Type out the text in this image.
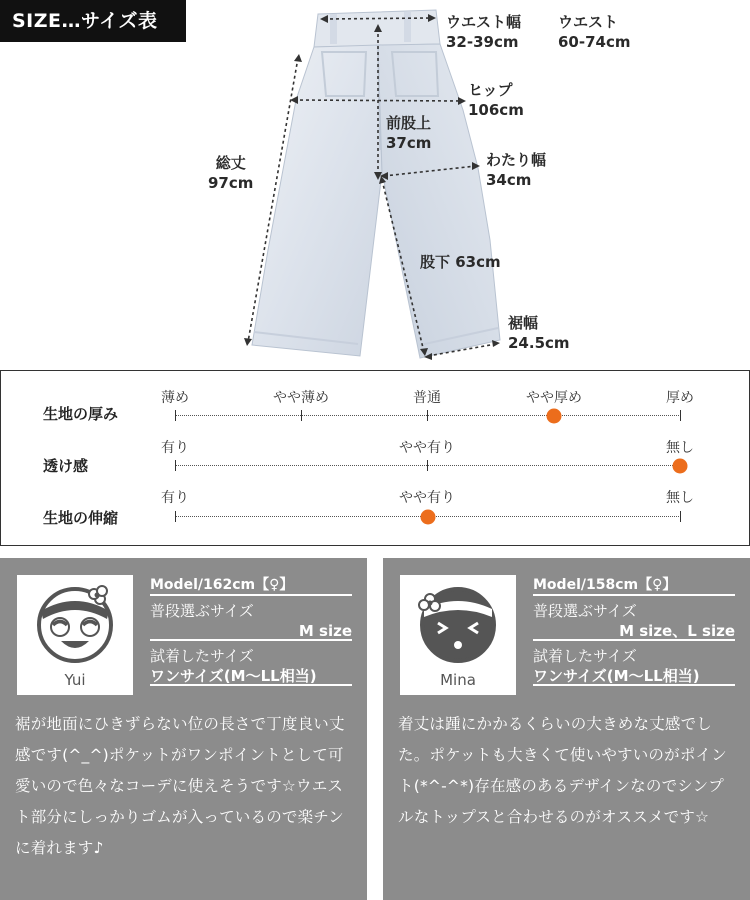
SIZE…サイズ表	ウエスト幅
32-39cm
ウエスト
60-74cm
ヒップ
106cm
前股上
37cm
わたり幅
34cm
総丈
97cm
股下 63cm
裾幅
24.5cm
生地の厚み
薄め	やや薄め	普通	やや厚め	厚め
透け感
有り	やや有り	無し
生地の伸縮
有り	やや有り	無し
Yui
Model/162cm【♀】
普段選ぶサイズ
M size
試着したサイズ
ワンサイズ(M〜LL相当)
裾が地面にひきずらない位の長さで丁度良い丈感です(^_^)ポケットがワンポイントとして可愛いので色々なコーデに使えそうです☆ウエスト部分にしっかりゴムが入っているので楽チンに着れます♪
Mina
Model/158cm【♀】
普段選ぶサイズ
M size、L size
試着したサイズ
ワンサイズ(M〜LL相当)
着丈は踵にかかるくらいの大きめな丈感でした。ポケットも大きくて使いやすいのがポイント(*^-^*)存在感のあるデザインなのでシンプルなトップスと合わせるのがオススメです☆
